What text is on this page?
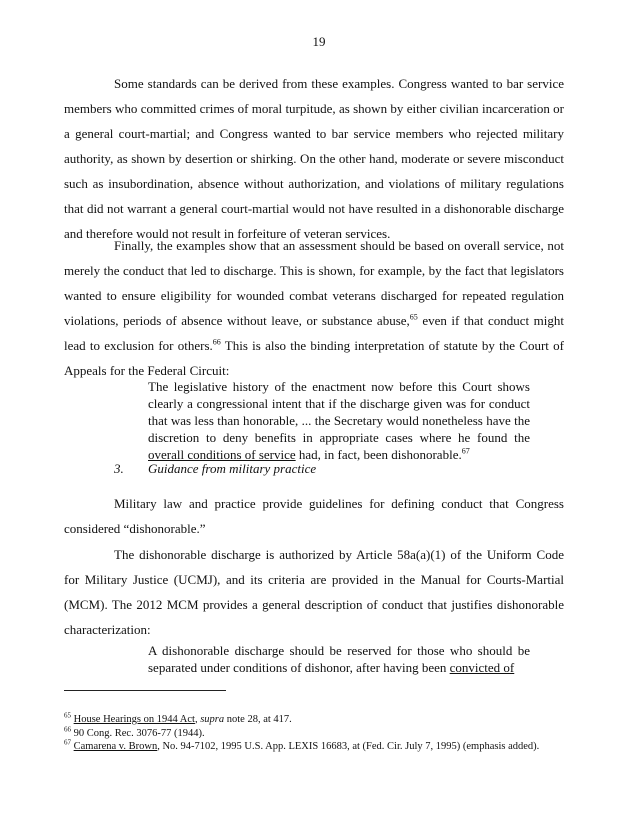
19

Some standards can be derived from these examples. Congress wanted to bar service members who committed crimes of moral turpitude, as shown by either civilian incarceration or a general court-martial; and Congress wanted to bar service members who rejected military authority, as shown by desertion or shirking. On the other hand, moderate or severe misconduct such as insubordination, absence without authorization, and violations of military regulations that did not warrant a general court-martial would not have resulted in a dishonorable discharge and therefore would not result in forfeiture of veteran services.

Finally, the examples show that an assessment should be based on overall service, not merely the conduct that led to discharge. This is shown, for example, by the fact that legislators wanted to ensure eligibility for wounded combat veterans discharged for repeated regulation violations, periods of absence without leave, or substance abuse,$^{65}$ even if that conduct might lead to exclusion for others.$^{66}$ This is also the binding interpretation of statute by the Court of Appeals for the Federal Circuit:

The legislative history of the enactment now before this Court shows clearly a congressional intent that if the discharge given was for conduct that was less than honorable, ... the Secretary would nonetheless have the discretion to deny benefits in appropriate cases where he found the overall conditions of service had, in fact, been dishonorable.$^{67}$

3. Guidance from military practice

Military law and practice provide guidelines for defining conduct that Congress considered “dishonorable.”

The dishonorable discharge is authorized by Article 58a(a)(1) of the Uniform Code for Military Justice (UCMJ), and its criteria are provided in the Manual for Courts-Martial (MCM). The 2012 MCM provides a general description of conduct that justifies dishonorable characterization:

A dishonorable discharge should be reserved for those who should be separated under conditions of dishonor, after having been convicted of

$^{65}$ House Hearings on 1944 Act, supra note 28, at 417.
$^{66}$ 90 Cong. Rec. 3076-77 (1944).
$^{67}$ Camarena v. Brown, No. 94-7102, 1995 U.S. App. LEXIS 16683, at (Fed. Cir. July 7, 1995) (emphasis added).
